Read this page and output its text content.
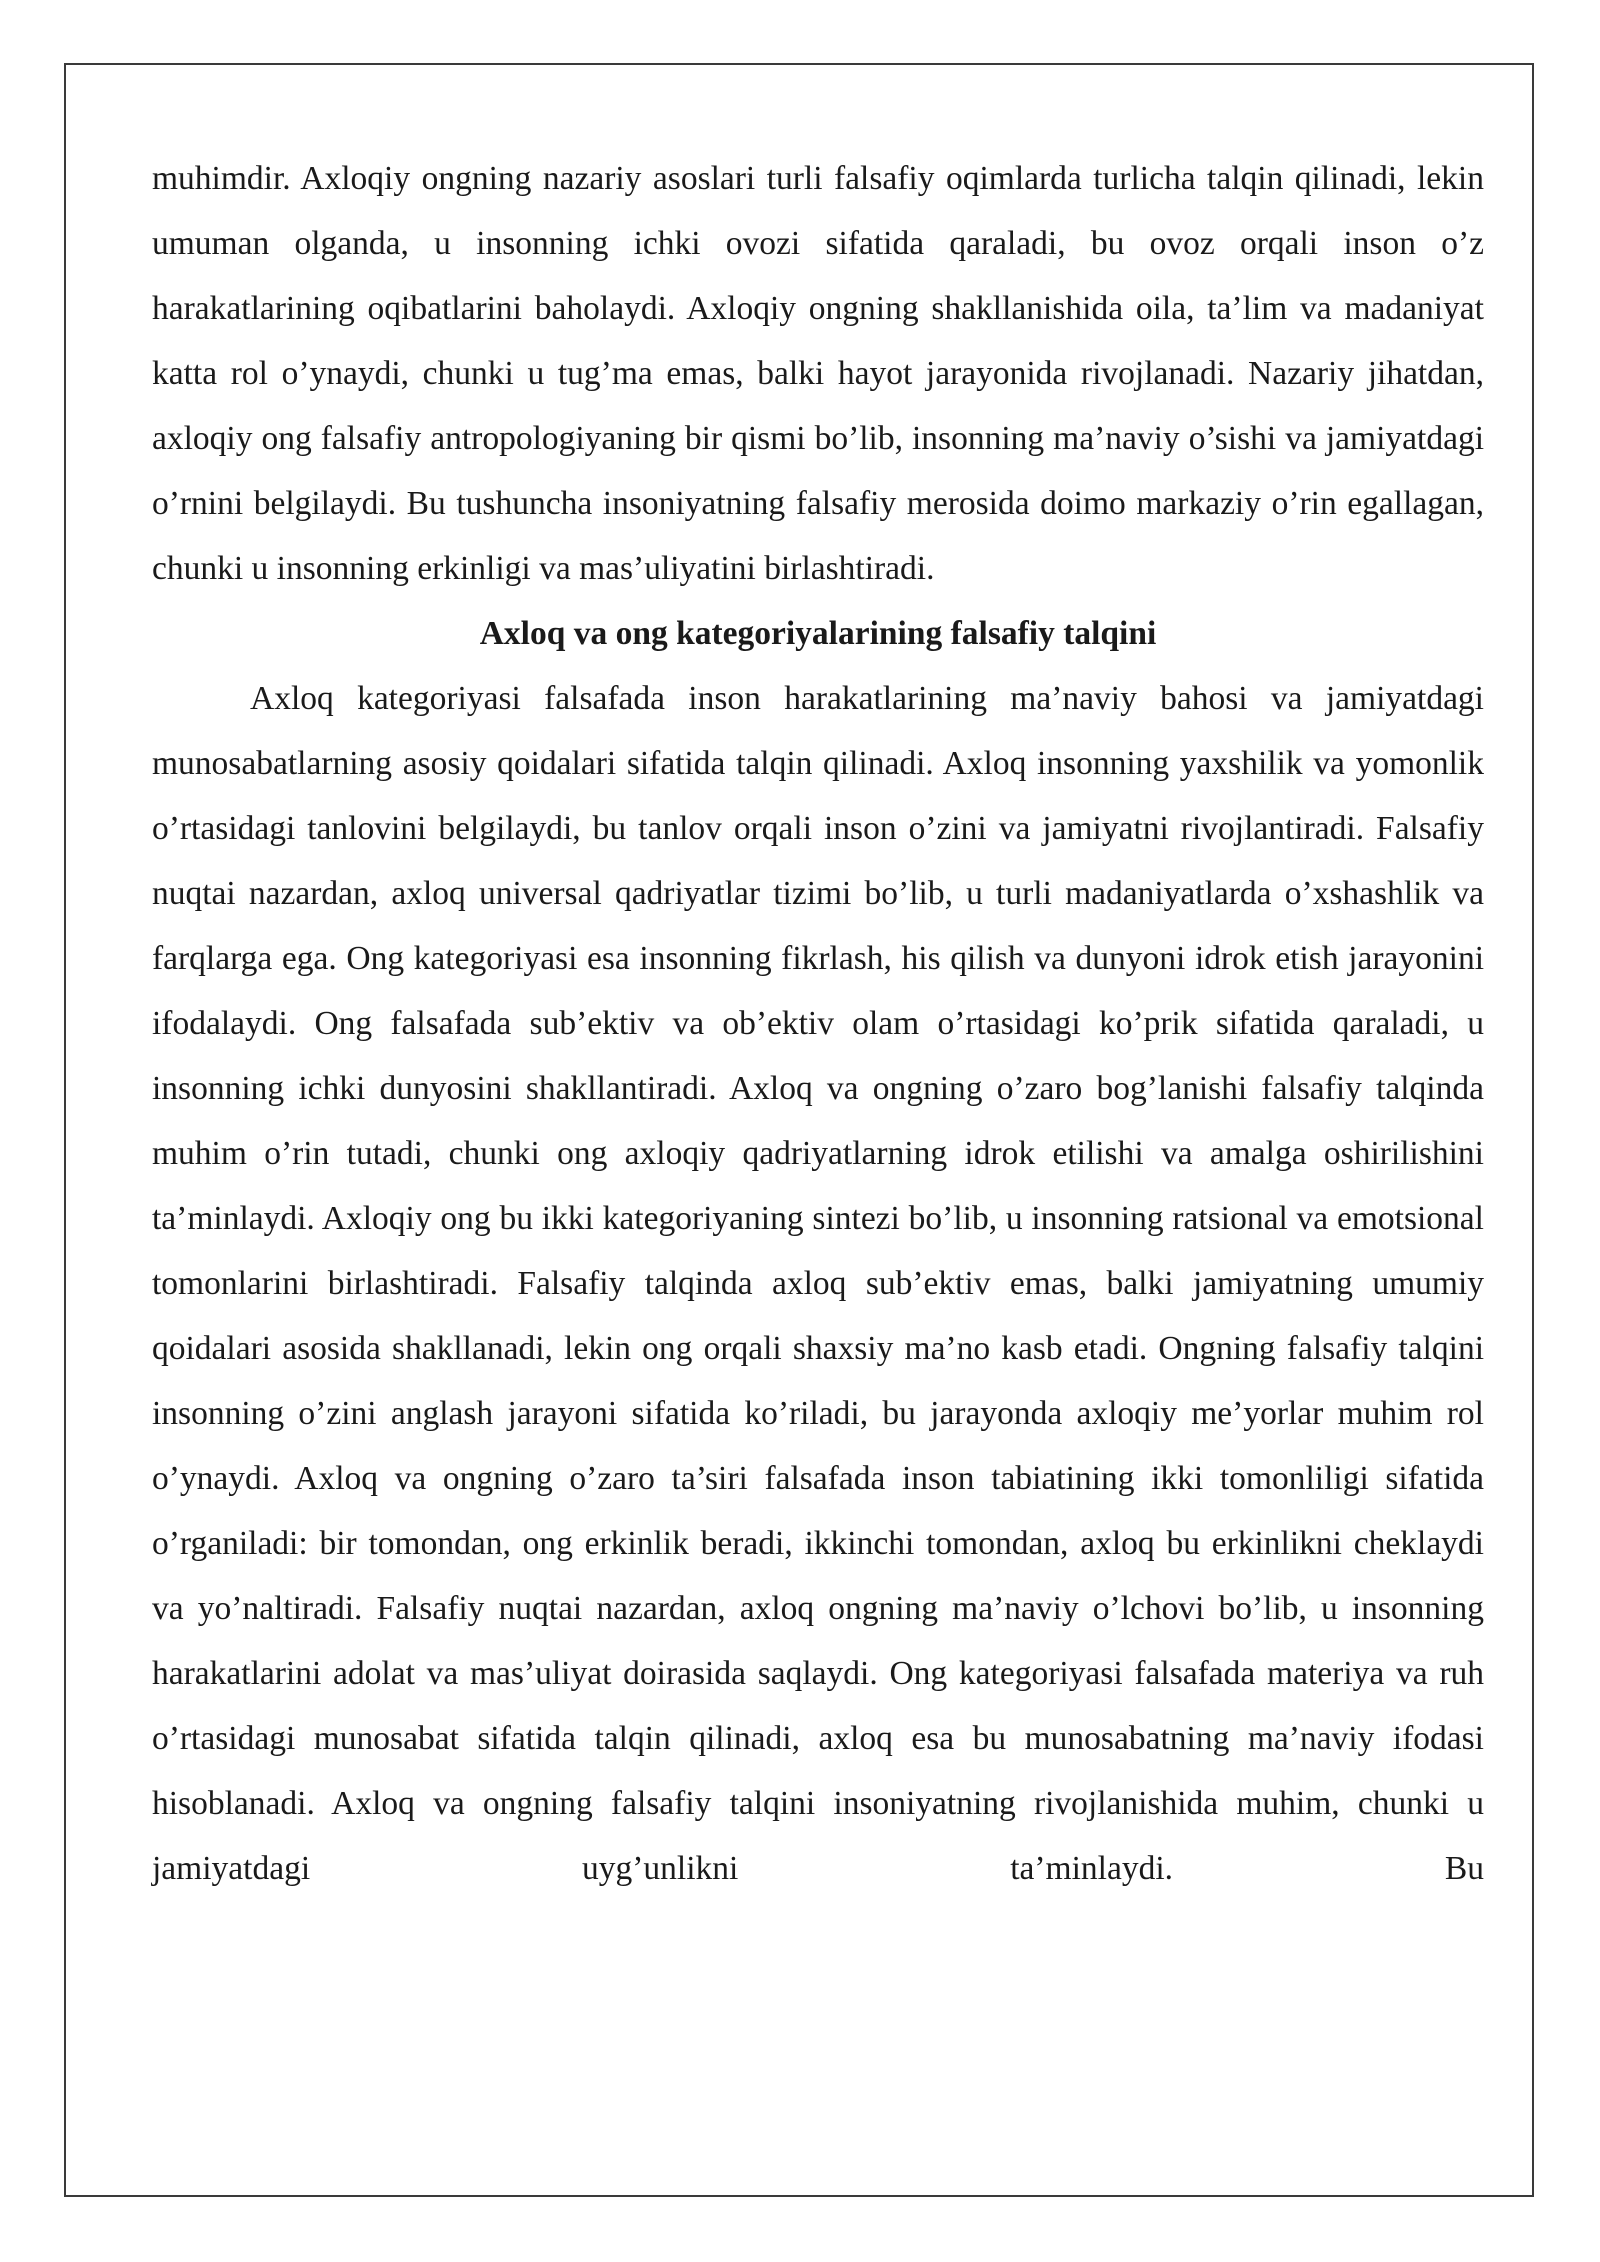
muhimdir. Axloqiy ongning nazariy asoslari turli falsafiy oqimlarda turlicha talqin qilinadi, lekin umuman olganda, u insonning ichki ovozi sifatida qaraladi, bu ovoz orqali inson o’z harakatlarining oqibatlarini baholaydi. Axloqiy ongning shakllanishida oila, ta’lim va madaniyat katta rol o’ynaydi, chunki u tug’ma emas, balki hayot jarayonida rivojlanadi. Nazariy jihatdan, axloqiy ong falsafiy antropologiyaning bir qismi bo’lib, insonning ma’naviy o’sishi va jamiyatdagi o’rnini belgilaydi. Bu tushuncha insoniyatning falsafiy merosida doimo markaziy o’rin egallagan, chunki u insonning erkinligi va mas’uliyatini birlashtiradi.

Axloq va ong kategoriyalarining falsafiy talqini

Axloq kategoriyasi falsafada inson harakatlarining ma’naviy bahosi va jamiyatdagi munosabatlarning asosiy qoidalari sifatida talqin qilinadi. Axloq insonning yaxshilik va yomonlik o’rtasidagi tanlovini belgilaydi, bu tanlov orqali inson o’zini va jamiyatni rivojlantiradi. Falsafiy nuqtai nazardan, axloq universal qadriyatlar tizimi bo’lib, u turli madaniyatlarda o’xshashlik va farqlarga ega. Ong kategoriyasi esa insonning fikrlash, his qilish va dunyoni idrok etish jarayonini ifodalaydi. Ong falsafada sub’ektiv va ob’ektiv olam o’rtasidagi ko’prik sifatida qaraladi, u insonning ichki dunyosini shakllantiradi. Axloq va ongning o’zaro bog’lanishi falsafiy talqinda muhim o’rin tutadi, chunki ong axloqiy qadriyatlarning idrok etilishi va amalga oshirilishini ta’minlaydi. Axloqiy ong bu ikki kategoriyaning sintezi bo’lib, u insonning ratsional va emotsional tomonlarini birlashtiradi. Falsafiy talqinda axloq sub’ektiv emas, balki jamiyatning umumiy qoidalari asosida shakllanadi, lekin ong orqali shaxsiy ma’no kasb etadi. Ongning falsafiy talqini insonning o’zini anglash jarayoni sifatida ko’riladi, bu jarayonda axloqiy me’yorlar muhim rol o’ynaydi. Axloq va ongning o’zaro ta’siri falsafada inson tabiatining ikki tomonliligi sifatida o’rganiladi: bir tomondan, ong erkinlik beradi, ikkinchi tomondan, axloq bu erkinlikni cheklaydi va yo’naltiradi. Falsafiy nuqtai nazardan, axloq ongning ma’naviy o’lchovi bo’lib, u insonning harakatlarini adolat va mas’uliyat doirasida saqlaydi. Ong kategoriyasi falsafada materiya va ruh o’rtasidagi munosabat sifatida talqin qilinadi, axloq esa bu munosabatning ma’naviy ifodasi hisoblanadi. Axloq va ongning falsafiy talqini insoniyatning rivojlanishida muhim, chunki u jamiyatdagi uyg’unlikni ta’minlaydi. Bu
